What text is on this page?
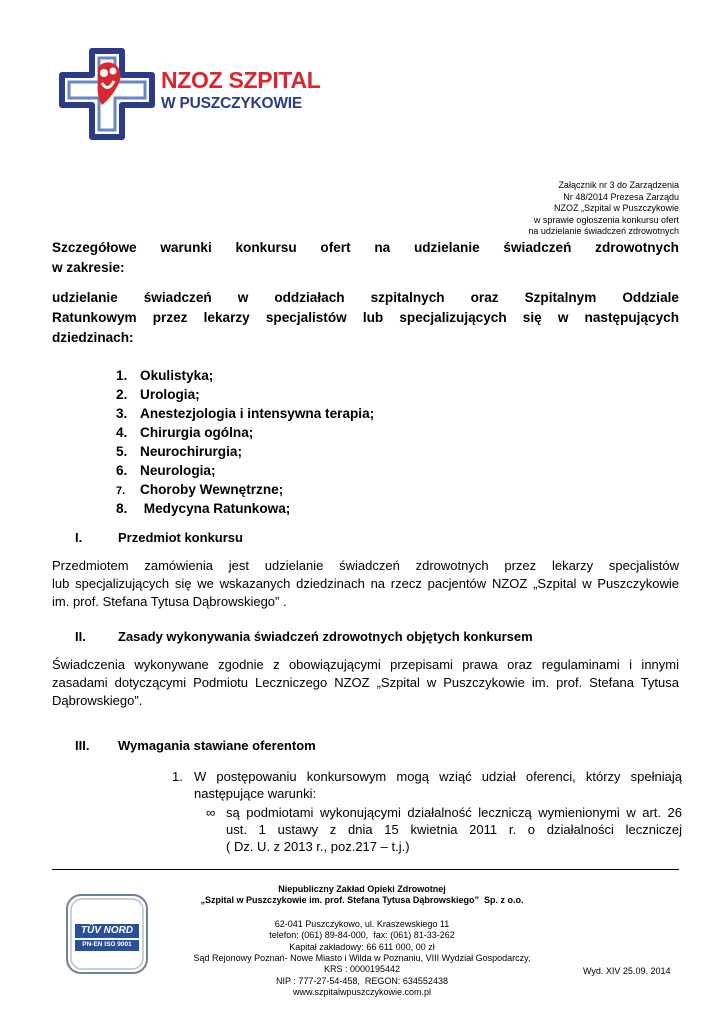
NZOZ SZPITAL
W PUSZCZYKOWIE
Załącznik nr 3 do Zarządzenia
Nr 48/2014 Prezesa Zarządu
NZOZ „Szpital w Puszczykowie
w sprawie ogłoszenia konkursu ofert
na udzielanie świadczeń zdrowotnych
Szczegółowe warunki konkursu ofert na udzielanie świadczeń zdrowotnych
w zakresie:
udzielanie świadczeń w oddziałach szpitalnych oraz Szpitalnym Oddziale
Ratunkowym przez lekarzy specjalistów lub specjalizujących się w następujących
dziedzinach:
1. Okulistyka;
2. Urologia;
3. Anestezjologia i intensywna terapia;
4. Chirurgia ogólna;
5. Neurochirurgia;
6. Neurologia;
7. Choroby Wewnętrzne;
8. Medycyna Ratunkowa;
I.	Przedmiot konkursu
Przedmiotem zamówienia jest udzielanie świadczeń zdrowotnych przez lekarzy specjalistów
lub specjalizujących się we wskazanych dziedzinach na rzecz pacjentów NZOZ „Szpital w Puszczykowie
im. prof. Stefana Tytusa Dąbrowskiego” .
II. Zasady wykonywania świadczeń zdrowotnych objętych konkursem
Świadczenia wykonywane zgodnie z obowiązującymi przepisami prawa oraz regulaminami i innymi
zasadami dotyczącymi Podmiotu Leczniczego NZOZ „Szpital w Puszczykowie im. prof. Stefana Tytusa
Dąbrowskiego”.
III. Wymagania stawiane oferentom
1. W postępowaniu konkursowym mogą wziąć udział oferenci, którzy spełniają
następujące warunki:
∞ są podmiotami wykonującymi działalność leczniczą wymienionymi w art. 26
ust. 1 ustawy z dnia 15 kwietnia 2011 r. o działalności leczniczej
( Dz. U. z 2013 r., poz.217 – t.j.)
TÜV NORD
PN-EN ISO 9001
Niepubliczny Zakład Opieki Zdrowotnej
„Szpital w Puszczykowie im. prof. Stefana Tytusa Dąbrowskiego”  Sp. z o.o.
62-041 Puszczykowo, ul. Kraszewskiego 11
telefon: (061) 89-84-000,  fax: (061) 81-33-262
Kapitał zakładowy: 66 611 000, 00 zł
Sąd Rejonowy Poznań- Nowe Miasto i Wilda w Poznaniu, VIII Wydział Gospodarczy,
KRS : 0000195442
NIP : 777-27-54-458,  REGON: 634552438
www.szpitalwpuszczykowie.com.pl
Wyd. XIV 25.09. 2014
